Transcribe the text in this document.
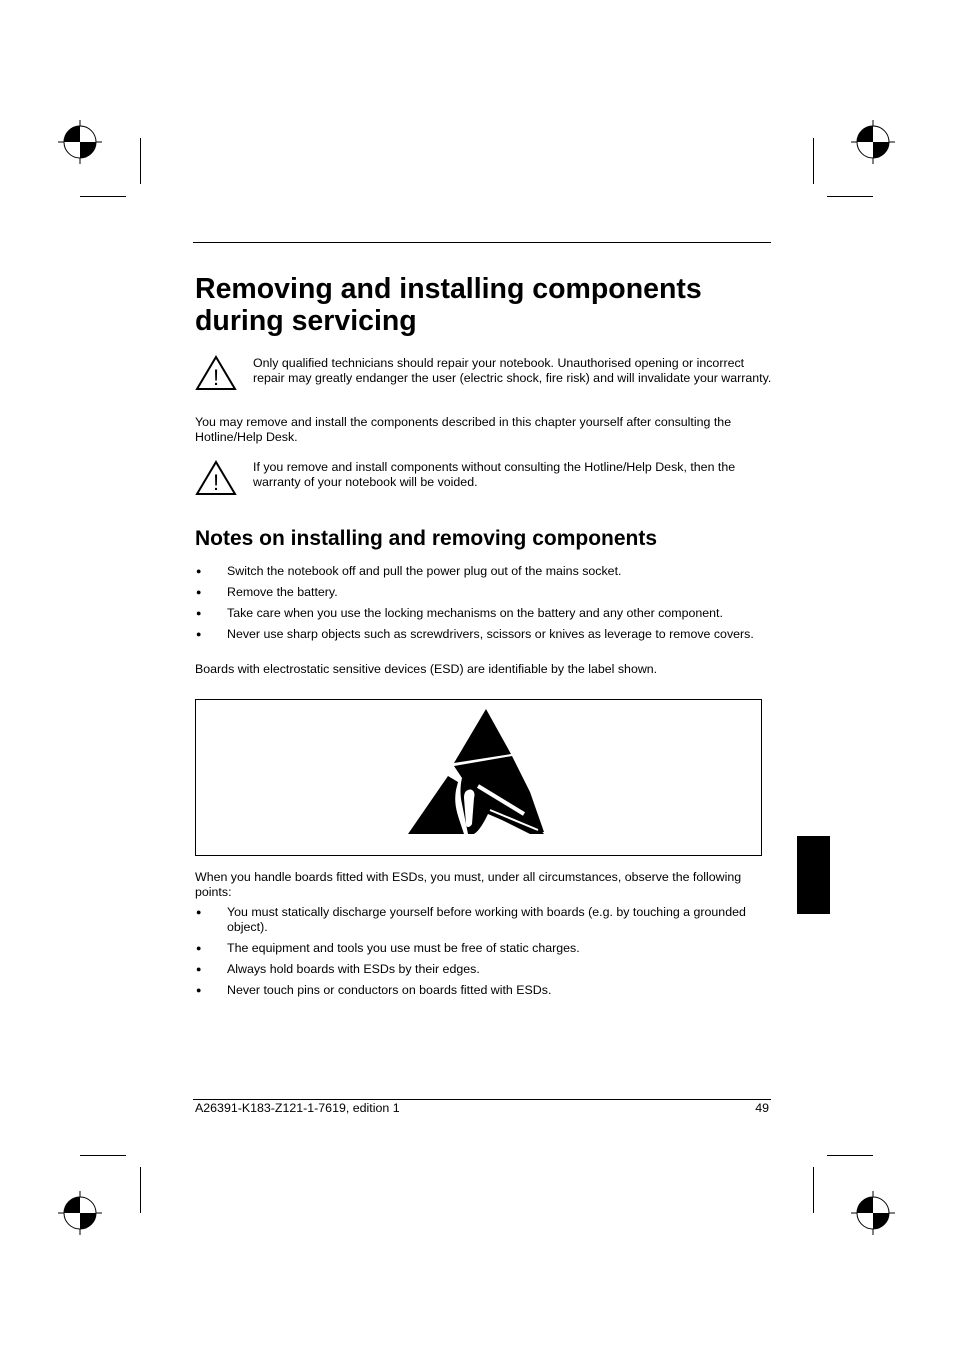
Removing and installing components during servicing
!
Only qualified technicians should repair your notebook. Unauthorised opening or incorrect repair may greatly endanger the user (electric shock, fire risk) and will invalidate your warranty.
You may remove and install the components described in this chapter yourself after consulting the Hotline/Help Desk.
!
If you remove and install components without consulting the Hotline/Help Desk, then the warranty of your notebook will be voided.
Notes on installing and removing components
● Switch the notebook off and pull the power plug out of the mains socket.
● Remove the battery.
● Take care when you use the locking mechanisms on the battery and any other component.
● Never use sharp objects such as screwdrivers, scissors or knives as leverage to remove covers.
Boards with electrostatic sensitive devices (ESD) are identifiable by the label shown.
When you handle boards fitted with ESDs, you must, under all circumstances, observe the following points:
● You must statically discharge yourself before working with boards (e.g. by touching a grounded object).
● The equipment and tools you use must be free of static charges.
● Always hold boards with ESDs by their edges.
● Never touch pins or conductors on boards fitted with ESDs.
A26391-K183-Z121-1-7619, edition 1	49
